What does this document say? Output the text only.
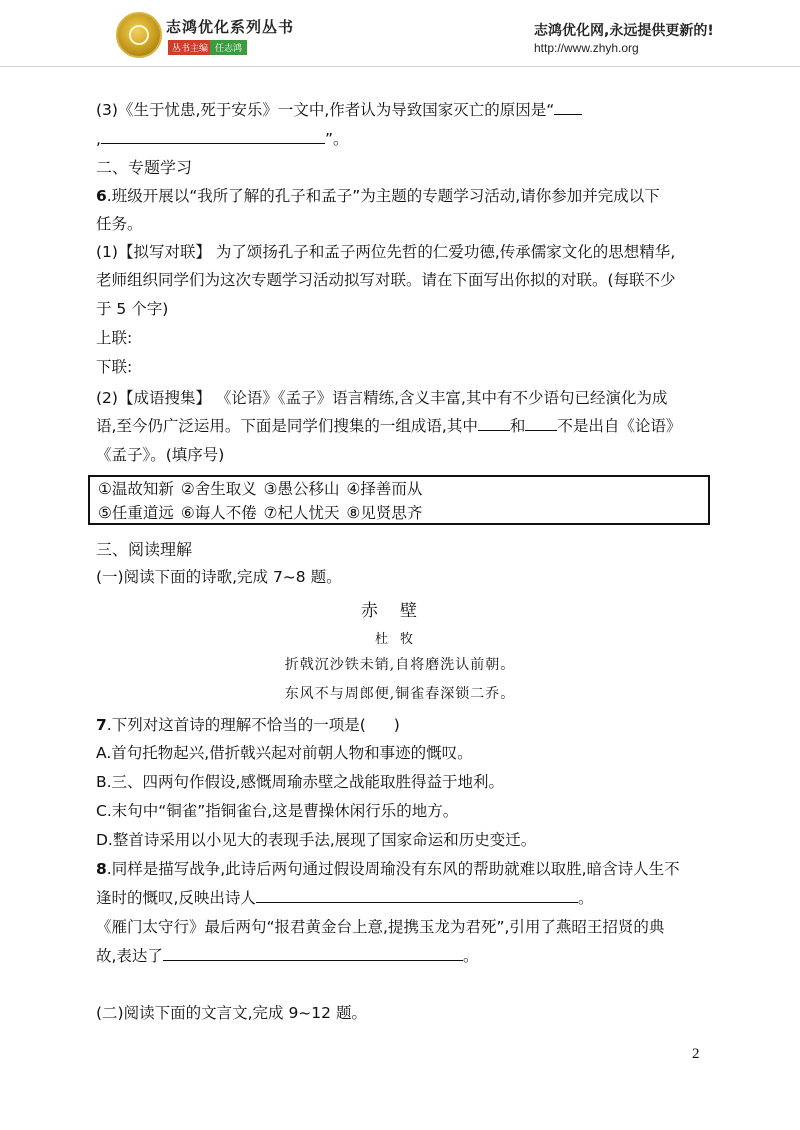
志鸿优化系列丛书
丛书主编 任志鸿
志鸿优化网,永远提供更新的!
http://www.zhyh.org
(3)《生于忧患,死于安乐》一文中,作者认为导致国家灭亡的原因是“
,	”。
二、专题学习
6.班级开展以“我所了解的孔子和孟子”为主题的专题学习活动,请你参加并完成以下
任务。
(1)【拟写对联】 为了颂扬孔子和孟子两位先哲的仁爱功德,传承儒家文化的思想精华,
老师组织同学们为这次专题学习活动拟写对联。请在下面写出你拟的对联。(每联不少
于 5 个字)
上联:
下联:
(2)【成语搜集】 《论语》《孟子》语言精练,含义丰富,其中有不少语句已经演化为成
语,至今仍广泛运用。下面是同学们搜集的一组成语,其中 和 不是出自《论语》
《孟子》。(填序号)
①温故知新 ②舍生取义 ③愚公移山 ④择善而从
⑤任重道远 ⑥诲人不倦 ⑦杞人忧天 ⑧见贤思齐
三、阅读理解
(一)阅读下面的诗歌,完成 7~8 题。
赤壁
杜牧
折戟沉沙铁未销,自将磨洗认前朝。
东风不与周郎便,铜雀春深锁二乔。
7.下列对这首诗的理解不恰当的一项是( )
A.首句托物起兴,借折戟兴起对前朝人物和事迹的慨叹。
B.三、四两句作假设,感慨周瑜赤壁之战能取胜得益于地利。
C.末句中“铜雀”指铜雀台,这是曹操休闲行乐的地方。
D.整首诗采用以小见大的表现手法,展现了国家命运和历史变迁。
8.同样是描写战争,此诗后两句通过假设周瑜没有东风的帮助就难以取胜,暗含诗人生不
逢时的慨叹,反映出诗人	。
《雁门太守行》最后两句“报君黄金台上意,提携玉龙为君死”,引用了燕昭王招贤的典
故,表达了	。
(二)阅读下面的文言文,完成 9~12 题。
2
